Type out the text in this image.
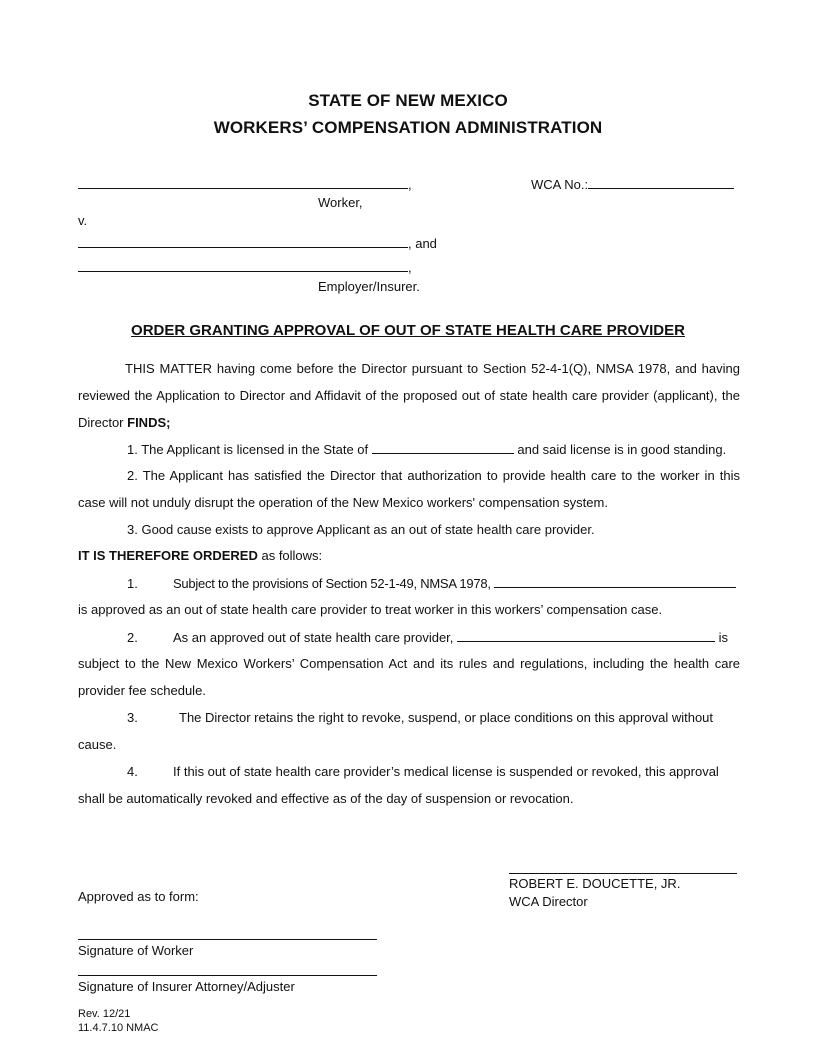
STATE OF NEW MEXICO
WORKERS’ COMPENSATION ADMINISTRATION
,	WCA No.:
Worker,
v.
, and
,
Employer/Insurer.
ORDER GRANTING APPROVAL OF OUT OF STATE HEALTH CARE PROVIDER
THIS MATTER having come before the Director pursuant to Section 52-4-1(Q), NMSA 1978, and having
reviewed the Application to Director and Affidavit of the proposed out of state health care provider (applicant), the
Director FINDS;
1. The Applicant is licensed in the State of	and said license is in good standing.
2. The Applicant has satisfied the Director that authorization to provide health care to the worker in this
case will not unduly disrupt the operation of the New Mexico workers' compensation system.
3. Good cause exists to approve Applicant as an out of state health care provider.
IT IS THEREFORE ORDERED as follows:
1.	Subject to the provisions of Section 52-1-49, NMSA 1978,
is approved as an out of state health care provider to treat worker in this workers’ compensation case.
2.	As an approved out of state health care provider,	is
subject to the New Mexico Workers’ Compensation Act and its rules and regulations, including the health care
provider fee schedule.
3.	The Director retains the right to revoke, suspend, or place conditions on this approval without
cause.
4.	If this out of state health care provider’s medical license is suspended or revoked, this approval
shall be automatically revoked and effective as of the day of suspension or revocation.
ROBERT E. DOUCETTE, JR.
WCA Director
Approved as to form:
Signature of Worker
Signature of Insurer Attorney/Adjuster
Rev. 12/21
11.4.7.10 NMAC
